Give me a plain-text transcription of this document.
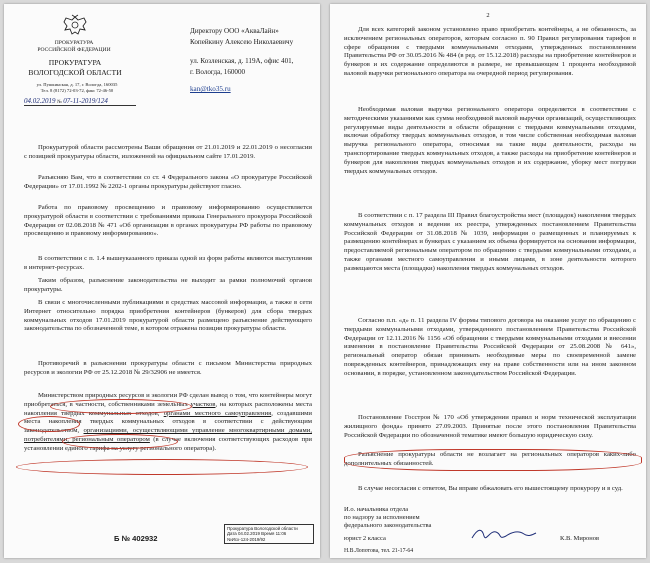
ПРОКУРАТУРА
РОССИЙСКОЙ ФЕДЕРАЦИИ
ПРОКУРАТУРА
ВОЛОГОДСКОЙ ОБЛАСТИ
ул. Пушкинская, д. 17, г. Вологда, 160035
Тел. 8 (8172) 72-03-72, факс 72-46-50
04.02.2019 № 07-11-2019/124
Директору ООО «АкваЛайн»
Копейкину Алексею Николаевичу
ул. Козленская, д. 119А, офис 401,
г. Вологда, 160000
kan@tko35.ru

Прокуратурой области рассмотрены Ваши обращения от 21.01.2019 и 22.01.2019 о несогласии с позицией прокуратуры области, изложенной на официальном сайте 17.01.2019.

Разъясняю Вам, что в соответствии со ст. 4 Федерального закона «О прокуратуре Российской Федерации» от 17.01.1992 № 2202-1 органы прокуратуры действуют гласно.

Работа по правовому просвещению и правовому информированию осуществляется прокуратурой области в соответствии с требованиями приказа Генерального прокурора Российской Федерации от 02.08.2018 № 471 «Об организации в органах прокуратуры РФ работы по правовому просвещению и правовому информированию».

В соответствии с п. 1.4 вышеуказанного приказа одной из форм работы являются выступления в интернет-ресурсах.

Таким образом, разъяснение законодательства не выходит за рамки полномочий органов прокуратуры.

В связи с многочисленными публикациями в средствах массовой информации, а также в сети Интернет относительно порядка приобретения контейнеров (бункеров) для сбора твердых коммунальных отходов 17.01.2019 прокуратурой области размещено разъяснение действующего законодательства по обозначенной теме, в котором отражена позиция прокуратуры области.

Противоречий в разъяснении прокуратуры области с письмом Министерства природных ресурсов и экологии РФ от 25.12.2018 № 29/32906 не имеется.

Министерством природных ресурсов и экологии РФ сделан вывод о том, что контейнеры могут приобретаться, в частности, собственниками земельных участков, на которых расположены места накопления твердых коммунальных отходов, органами местного самоуправления, создавшими места накопления твердых коммунальных отходов в соответствии с действующим законодательством, организациями, осуществляющими управление многоквартирными домами, потребителями, региональным оператором (в случае включения соответствующих расходов при установлении единого тарифа на услугу регионального оператора).

Б № 402932
Прокуратура Вологодской области
Дата 04.02.2019 Время 11:06
№Исх-124-2019/92
2

Для всех категорий законом установлено право приобретать контейнеры, а не обязанность, за исключением региональных операторов, которым согласно п. 90 Правил регулирования тарифов в сфере обращения с твердыми коммунальными отходами, утвержденных постановлением Правительства РФ от 30.05.2016 № 484 (в ред. от 15.12.2018) расходы на приобретение контейнеров и бункеров и их содержание определяются в размере, не превышающем 1 процента необходимой валовой выручки регионального оператора на очередной период регулирования.

Необходимая валовая выручка регионального оператора определяется в соответствии с методическими указаниями как сумма необходимой валовой выручки организаций, осуществляющих регулируемые виды деятельности в области обращения с твердыми коммунальными отходами, включая обработку твердых коммунальных отходов, в том числе собственная необходимая валовая выручка регионального оператора, относимая на такие виды деятельности, расходы на транспортирование твердых коммунальных отходов, а также расходы на приобретение контейнеров и бункеров для накопления твердых коммунальных отходов и их содержание, уборку мест погрузки твердых коммунальных отходов.

В соответствии с п. 17 раздела III Правил благоустройства мест (площадок) накопления твердых коммунальных отходов и ведения их реестра, утвержденных постановлением Правительства Российской Федерации от 31.08.2018 № 1039, информация о размещенных и планируемых к размещению контейнерах и бункерах с указанием их объема формируется на основании информации, предоставляемой региональным оператором по обращению с твердыми коммунальными отходами, а также органами местного самоуправления и иными лицами, в зоне деятельности которого размещаются места (площадки) накопления твердых коммунальных отходов.

Согласно п.п. «д» п. 11 раздела IV формы типового договора на оказание услуг по обращению с твердыми коммунальными отходами, утвержденного постановлением Правительства Российской Федерации от 12.11.2016 № 1156 «Об обращении с твердыми коммунальными отходами и внесении изменения в постановление Правительства Российской Федерации от 25.08.2008 № 641», региональный оператор обязан принимать необходимые меры по своевременной замене поврежденных контейнеров, принадлежащих ему на праве собственности или на ином законном основании, в порядке, установленном законодательством Российской Федерации.

Постановление Госстроя № 170 «Об утверждении правил и норм технической эксплуатации жилищного фонда» принято 27.09.2003. Принятые после этого постановления Правительства Российской Федерации по обозначенной тематике имеют большую юридическую силу.

Разъяснение прокуратуры области не возлагает на региональных операторов каких-либо дополнительных обязанностей.

В случае несогласия с ответом, Вы вправе обжаловать его вышестоящему прокурору и в суд.

И.о. начальника отдела
по надзору за исполнением
федерального законодательства
юрист 2 класса	К.В. Миронов
Н.В.Лопотова, тел. 21-17-64
